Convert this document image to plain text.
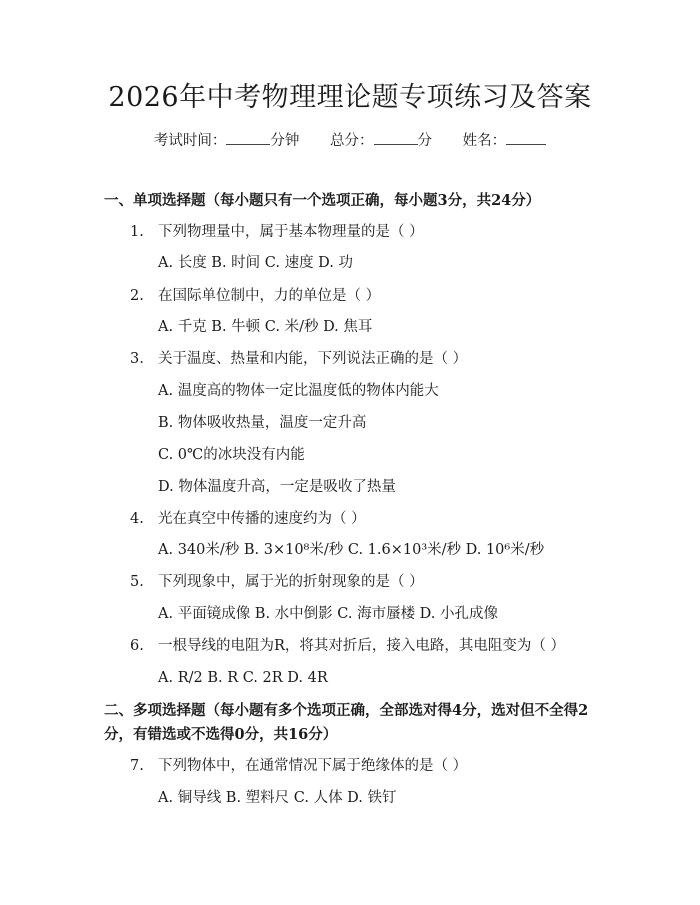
2026年中考物理理论题专项练习及答案
考试时间：	分钟 总分：	分 姓名：
一、单项选择题（每小题只有一个选项正确，每小题3分，共24分）
1. 下列物理量中，属于基本物理量的是（ ）
A. 长度 B. 时间 C. 速度 D. 功
2. 在国际单位制中，力的单位是（ ）
A. 千克 B. 牛顿 C. 米/秒 D. 焦耳
3. 关于温度、热量和内能，下列说法正确的是（ ）
A. 温度高的物体一定比温度低的物体内能大
B. 物体吸收热量，温度一定升高
C. 0℃的冰块没有内能
D. 物体温度升高，一定是吸收了热量
4. 光在真空中传播的速度约为（ ）
A. 340米/秒 B. 3×10⁸米/秒 C. 1.6×10³米/秒 D. 10⁶米/秒
5. 下列现象中，属于光的折射现象的是（ ）
A. 平面镜成像 B. 水中倒影 C. 海市蜃楼 D. 小孔成像
6. 一根导线的电阻为R，将其对折后，接入电路，其电阻变为（ ）
A. R/2 B. R C. 2R D. 4R
二、多项选择题（每小题有多个选项正确，全部选对得4分，选对但不全得2
分，有错选或不选得0分，共16分）
7. 下列物体中，在通常情况下属于绝缘体的是（ ）
A. 铜导线 B. 塑料尺 C. 人体 D. 铁钉
